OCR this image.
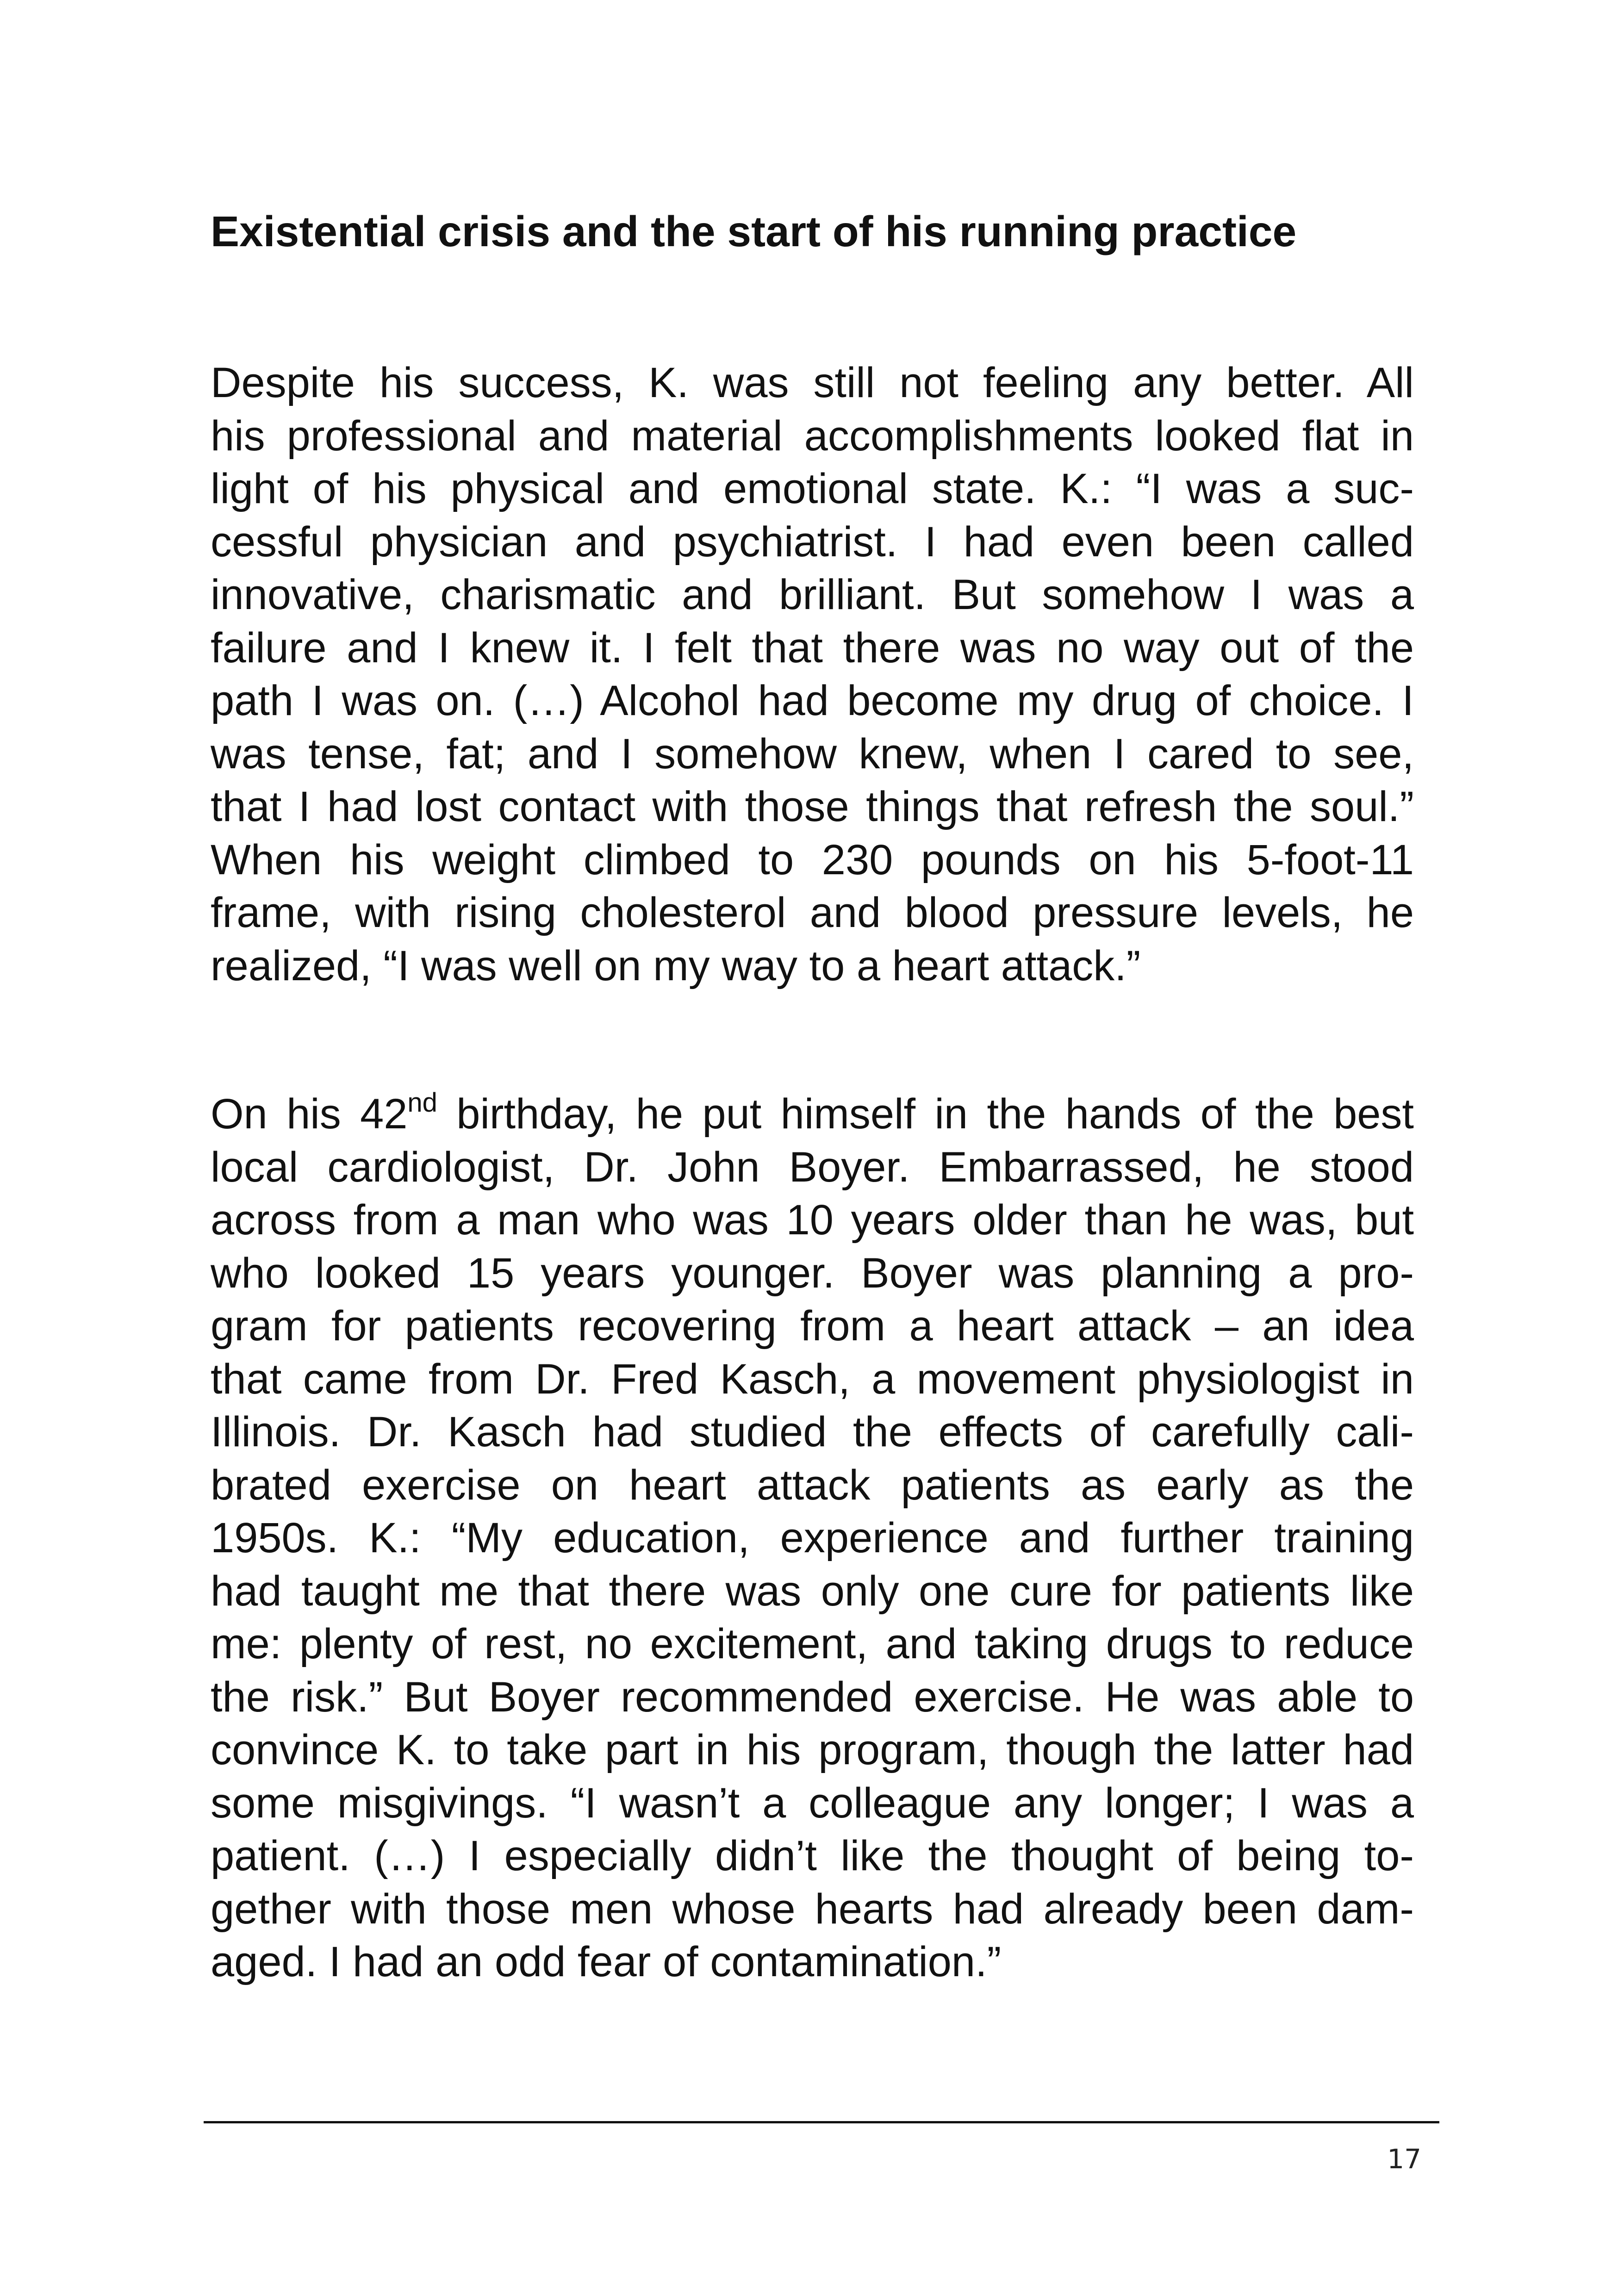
Existential crisis and the start of his running practice
Despite his success, K. was still not feeling any better. All
his professional and material accomplishments looked flat in
light of his physical and emotional state. K.: “I was a suc-
cessful physician and psychiatrist. I had even been called
innovative, charismatic and brilliant. But somehow I was a
failure and I knew it. I felt that there was no way out of the
path I was on. (…) Alcohol had become my drug of choice. I
was tense, fat; and I somehow knew, when I cared to see,
that I had lost contact with those things that refresh the soul.”
When his weight climbed to 230 pounds on his 5-foot-11
frame, with rising cholesterol and blood pressure levels, he
realized, “I was well on my way to a heart attack.”
On his 42nd birthday, he put himself in the hands of the best
local cardiologist, Dr. John Boyer. Embarrassed, he stood
across from a man who was 10 years older than he was, but
who looked 15 years younger. Boyer was planning a pro-
gram for patients recovering from a heart attack – an idea
that came from Dr. Fred Kasch, a movement physiologist in
Illinois. Dr. Kasch had studied the effects of carefully cali-
brated exercise on heart attack patients as early as the
1950s. K.: “My education, experience and further training
had taught me that there was only one cure for patients like
me: plenty of rest, no excitement, and taking drugs to reduce
the risk.” But Boyer recommended exercise. He was able to
convince K. to take part in his program, though the latter had
some misgivings. “I wasn’t a colleague any longer; I was a
patient. (…) I especially didn’t like the thought of being to-
gether with those men whose hearts had already been dam-
aged. I had an odd fear of contamination.”
17
